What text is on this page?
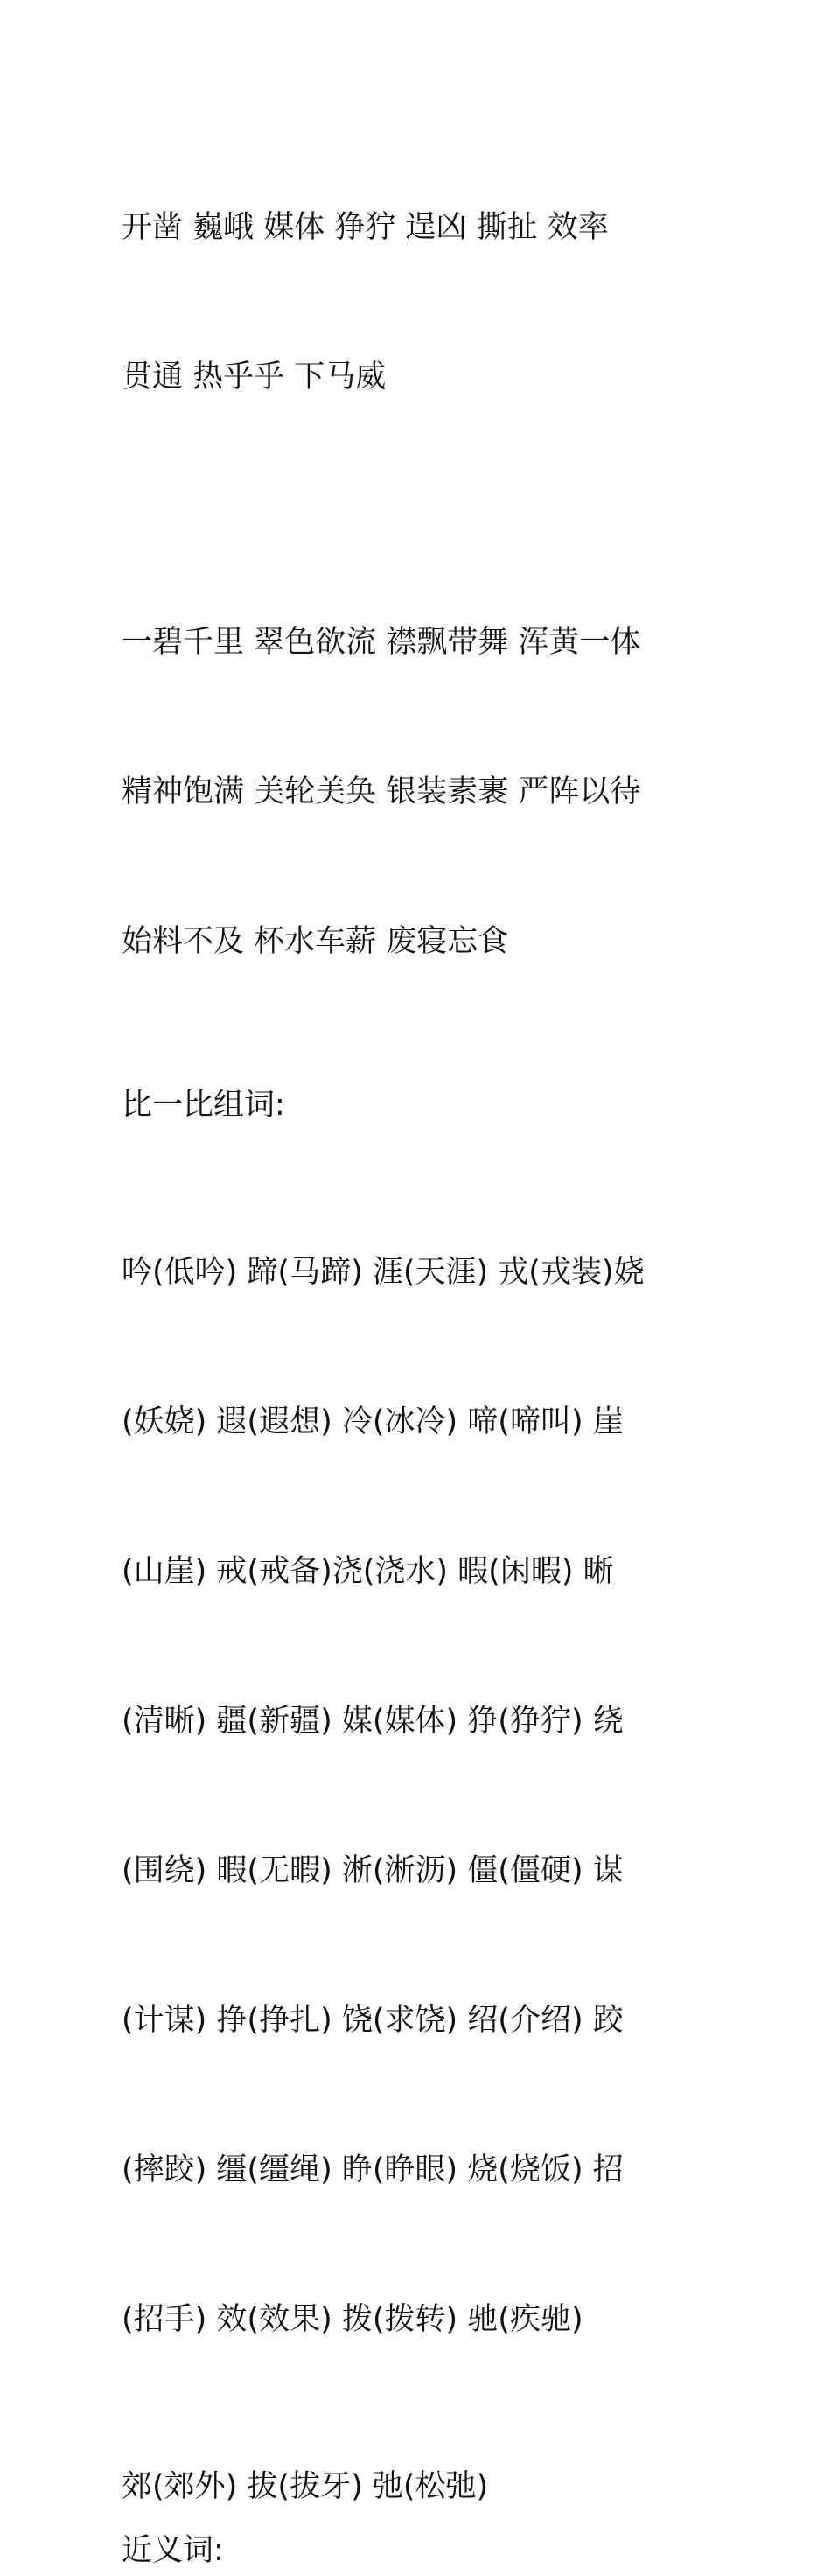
开凿 巍峨 媒体 狰狞 逞凶 撕扯 效率

贯通 热乎乎 下马威

一碧千里 翠色欲流 襟飘带舞 浑黄一体

精神饱满 美轮美奂 银装素裹 严阵以待

始料不及 杯水车薪 废寝忘食

比一比组词:

吟(低吟) 蹄(马蹄) 涯(天涯) 戎(戎装)娆

(妖娆) 遐(遐想) 冷(冰冷) 啼(啼叫) 崖

(山崖) 戒(戒备)浇(浇水) 暇(闲暇) 晰

(清晰) 疆(新疆) 媒(媒体) 狰(狰狞) 绕

(围绕) 暇(无暇) 淅(淅沥) 僵(僵硬) 谋

(计谋) 挣(挣扎) 饶(求饶) 绍(介绍) 跤

(摔跤) 缰(缰绳) 睁(睁眼) 烧(烧饭) 招

(招手) 效(效果) 拨(拨转) 驰(疾驰)

郊(郊外) 拔(拔牙) 弛(松弛)
近义词:
